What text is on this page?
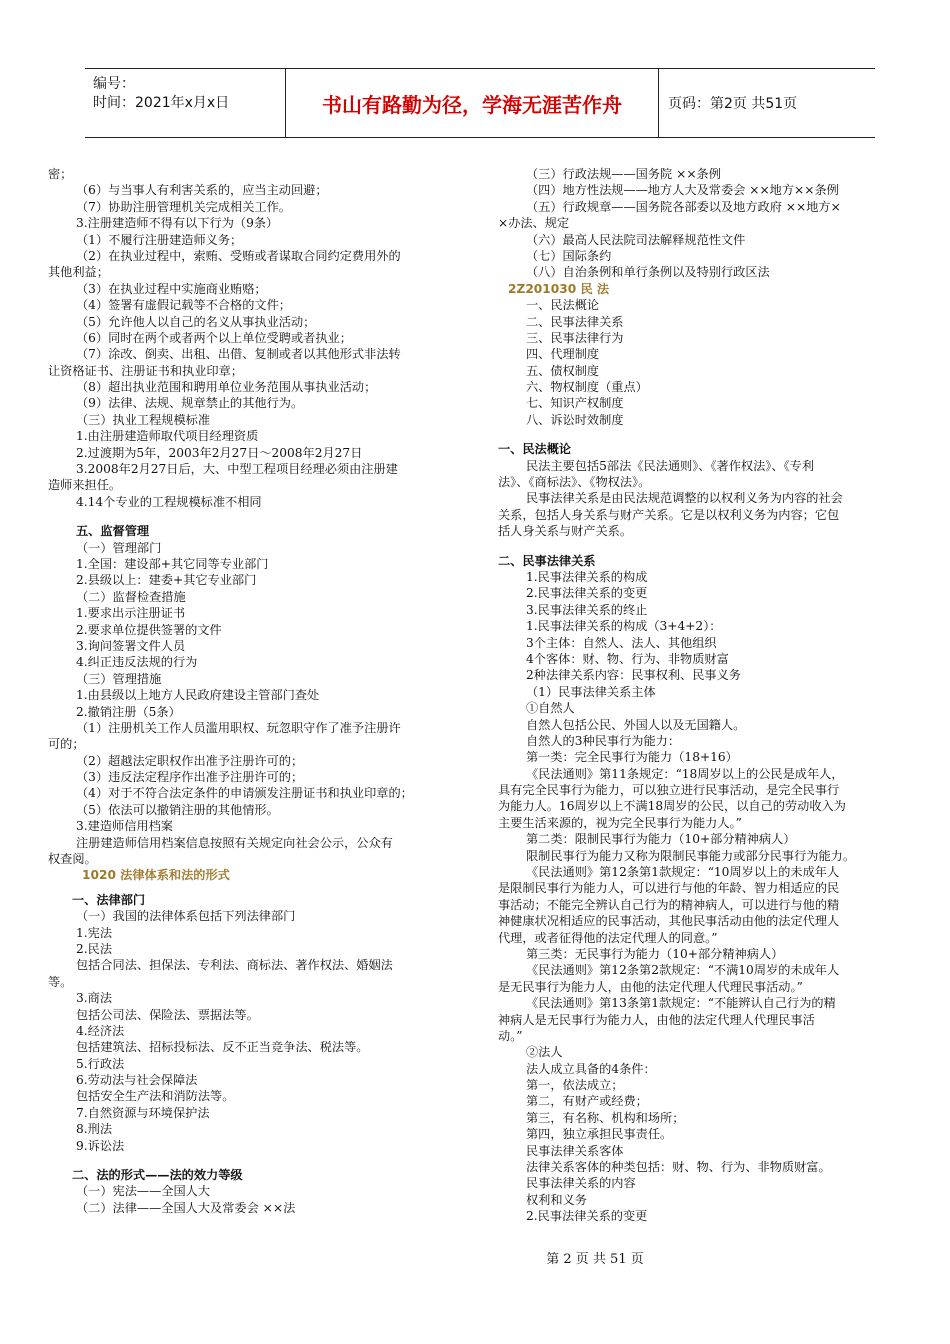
编号：
时间：2021年x月x日	书山有路勤为径，学海无涯苦作舟	页码：第2页 共51页
密；
（6）与当事人有利害关系的，应当主动回避；
（7）协助注册管理机关完成相关工作。
3.注册建造师不得有以下行为（9条）
（1）不履行注册建造师义务；
（2）在执业过程中，索贿、受贿或者谋取合同约定费用外的
其他利益；
（3）在执业过程中实施商业贿赂；
（4）签署有虚假记载等不合格的文件；
（5）允许他人以自己的名义从事执业活动；
（6）同时在两个或者两个以上单位受聘或者执业；
（7）涂改、倒卖、出租、出借、复制或者以其他形式非法转
让资格证书、注册证书和执业印章；
（8）超出执业范围和聘用单位业务范围从事执业活动；
（9）法律、法规、规章禁止的其他行为。
（三）执业工程规模标准
1.由注册建造师取代项目经理资质
2.过渡期为5年，2003年2月27日～2008年2月27日
3.2008年2月27日后，大、中型工程项目经理必须由注册建
造师来担任。
4.14个专业的工程规模标准不相同
五、监督管理
（一）管理部门
1.全国：建设部+其它同等专业部门
2.县级以上：建委+其它专业部门
（二）监督检查措施
1.要求出示注册证书
2.要求单位提供签署的文件
3.询问签署文件人员
4.纠正违反法规的行为
（三）管理措施
1.由县级以上地方人民政府建设主管部门查处
2.撤销注册（5条）
（1）注册机关工作人员滥用职权、玩忽职守作了准予注册许
可的；
（2）超越法定职权作出准予注册许可的；
（3）违反法定程序作出准予注册许可的；
（4）对于不符合法定条件的申请颁发注册证书和执业印章的；
（5）依法可以撤销注册的其他情形。
3.建造师信用档案
注册建造师信用档案信息按照有关规定向社会公示，公众有
权查阅。
1020 法律体系和法的形式
一、法律部门
（一）我国的法律体系包括下列法律部门
1.宪法
2.民法
包括合同法、担保法、专利法、商标法、著作权法、婚姻法
等。
3.商法
包括公司法、保险法、票据法等。
4.经济法
包括建筑法、招标投标法、反不正当竞争法、税法等。
5.行政法
6.劳动法与社会保障法
包括安全生产法和消防法等。
7.自然资源与环境保护法
8.刑法
9.诉讼法
二、法的形式——法的效力等级
（一）宪法——全国人大
（二）法律——全国人大及常委会 ××法
（三）行政法规——国务院 ××条例
（四）地方性法规——地方人大及常委会 ××地方××条例
（五）行政规章——国务院各部委以及地方政府 ××地方×
×办法、规定
（六）最高人民法院司法解释规范性文件
（七）国际条约
（八）自治条例和单行条例以及特别行政区法
2Z201030 民 法
一、民法概论
二、民事法律关系
三、民事法律行为
四、代理制度
五、债权制度
六、物权制度（重点）
七、知识产权制度
八、诉讼时效制度
一、民法概论
民法主要包括5部法《民法通则》、《著作权法》、《专利
法》、《商标法》、《物权法》。
民事法律关系是由民法规范调整的以权利义务为内容的社会
关系，包括人身关系与财产关系。它是以权利义务为内容；它包
括人身关系与财产关系。
二、民事法律关系
1.民事法律关系的构成
2.民事法律关系的变更
3.民事法律关系的终止
1.民事法律关系的构成（3+4+2）：
3个主体：自然人、法人、其他组织
4个客体：财、物、行为、非物质财富
2种法律关系内容：民事权利、民事义务
（1）民事法律关系主体
①自然人
自然人包括公民、外国人以及无国籍人。
自然人的3种民事行为能力：
第一类：完全民事行为能力（18+16）
《民法通则》第11条规定：“18周岁以上的公民是成年人，
具有完全民事行为能力，可以独立进行民事活动，是完全民事行
为能力人。16周岁以上不满18周岁的公民，以自己的劳动收入为
主要生活来源的，视为完全民事行为能力人。”
第二类：限制民事行为能力（10+部分精神病人）
限制民事行为能力又称为限制民事能力或部分民事行为能力。
《民法通则》第12条第1款规定：“10周岁以上的未成年人
是限制民事行为能力人，可以进行与他的年龄、智力相适应的民
事活动；不能完全辨认自己行为的精神病人，可以进行与他的精
神健康状况相适应的民事活动，其他民事活动由他的法定代理人
代理，或者征得他的法定代理人的同意。”
第三类：无民事行为能力（10+部分精神病人）
《民法通则》第12条第2款规定：“不满10周岁的未成年人
是无民事行为能力人，由他的法定代理人代理民事活动。”
《民法通则》第13条第1款规定：“不能辨认自己行为的精
神病人是无民事行为能力人，由他的法定代理人代理民事活
动。”
②法人
法人成立具备的4条件：
第一，依法成立；
第二，有财产或经费；
第三，有名称、机构和场所；
第四，独立承担民事责任。
民事法律关系客体
法律关系客体的种类包括：财、物、行为、非物质财富。
民事法律关系的内容
权利和义务
2.民事法律关系的变更
第 2 页 共 51 页
